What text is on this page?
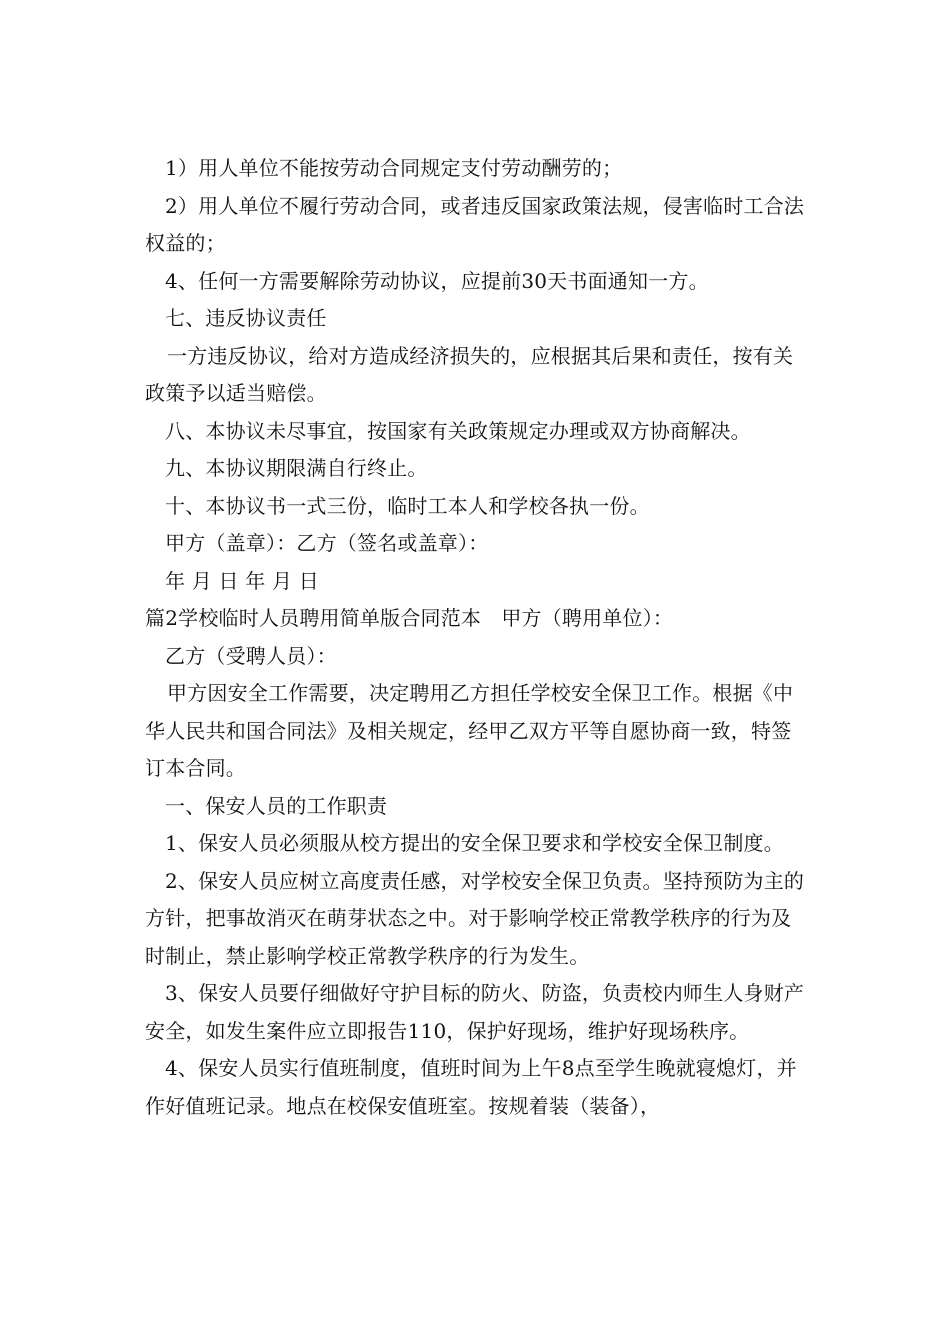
1）用人单位不能按劳动合同规定支付劳动酬劳的；

2）用人单位不履行劳动合同，或者违反国家政策法规，侵害临时工合法权益的；

4、任何一方需要解除劳动协议，应提前30天书面通知一方。

七、违反协议责任

一方违反协议，给对方造成经济损失的，应根据其后果和责任，按有关政策予以适当赔偿。

八、本协议未尽事宜，按国家有关政策规定办理或双方协商解决。

九、本协议期限满自行终止。

十、本协议书一式三份，临时工本人和学校各执一份。

甲方（盖章）：乙方（签名或盖章）：

年 月 日 年 月 日

篇2学校临时人员聘用简单版合同范本　甲方（聘用单位）：

乙方（受聘人员）：

甲方因安全工作需要，决定聘用乙方担任学校安全保卫工作。根据《中华人民共和国合同法》及相关规定，经甲乙双方平等自愿协商一致，特签订本合同。

一、保安人员的工作职责

1、保安人员必须服从校方提出的安全保卫要求和学校安全保卫制度。

2、保安人员应树立高度责任感，对学校安全保卫负责。坚持预防为主的方针，把事故消灭在萌芽状态之中。对于影响学校正常教学秩序的行为及时制止，禁止影响学校正常教学秩序的行为发生。

3、保安人员要仔细做好守护目标的防火、防盗，负责校内师生人身财产安全，如发生案件应立即报告110，保护好现场，维护好现场秩序。

4、保安人员实行值班制度，值班时间为上午8点至学生晚就寝熄灯，并作好值班记录。地点在校保安值班室。按规着装（装备），
